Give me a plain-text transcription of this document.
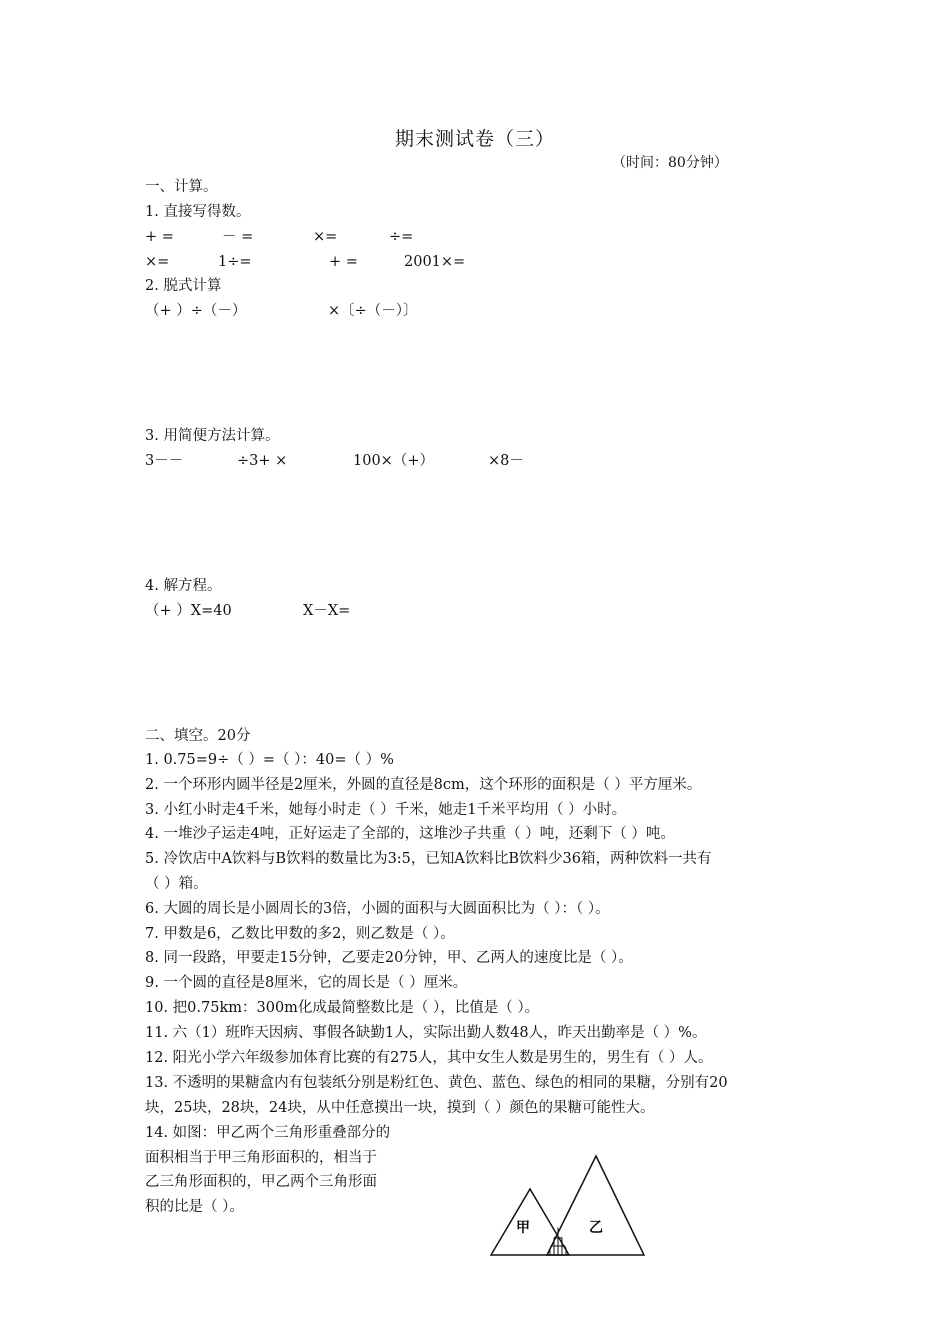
期末测试卷（三）
（时间：80分钟）
一、计算。
1. 直接写得数。
+ =	－ =	×=	÷=
×=	1÷=	+ =	2001×=
2. 脱式计算
（+ ）÷（－）	×〔÷（－）〕
3. 用简便方法计算。
3－－	÷3+ ×	100×（+）	×8－
4. 解方程。
（+ ）X=40	X－X=
二、填空。20分
1. 0.75=9÷（ ）=（ ）：40=（ ）%
2. 一个环形内圆半径是2厘米，外圆的直径是8cm，这个环形的面积是（ ）平方厘米。
3. 小红小时走4千米，她每小时走（ ）千米，她走1千米平均用（ ）小时。
4. 一堆沙子运走4吨，正好运走了全部的，这堆沙子共重（ ）吨，还剩下（ ）吨。
5. 冷饮店中A饮料与B饮料的数量比为3:5，已知A饮料比B饮料少36箱，两种饮料一共有
（ ）箱。
6. 大圆的周长是小圆周长的3倍，小圆的面积与大圆面积比为（ ）：（ ）。
7. 甲数是6，乙数比甲数的多2，则乙数是（ ）。
8. 同一段路，甲要走15分钟，乙要走20分钟，甲、乙两人的速度比是（ ）。
9. 一个圆的直径是8厘米，它的周长是（ ）厘米。
10. 把0.75km：300m化成最简整数比是（ ），比值是（ ）。
11. 六（1）班昨天因病、事假各缺勤1人，实际出勤人数48人，昨天出勤率是（ ）%。
12. 阳光小学六年级参加体育比赛的有275人，其中女生人数是男生的，男生有（ ）人。
13. 不透明的果糖盒内有包装纸分别是粉红色、黄色、蓝色、绿色的相同的果糖，分别有20
块，25块，28块，24块，从中任意摸出一块，摸到（ ）颜色的果糖可能性大。
14. 如图：甲乙两个三角形重叠部分的
面积相当于甲三角形面积的，相当于
乙三角形面积的，甲乙两个三角形面
积的比是（ ）。
甲	乙
